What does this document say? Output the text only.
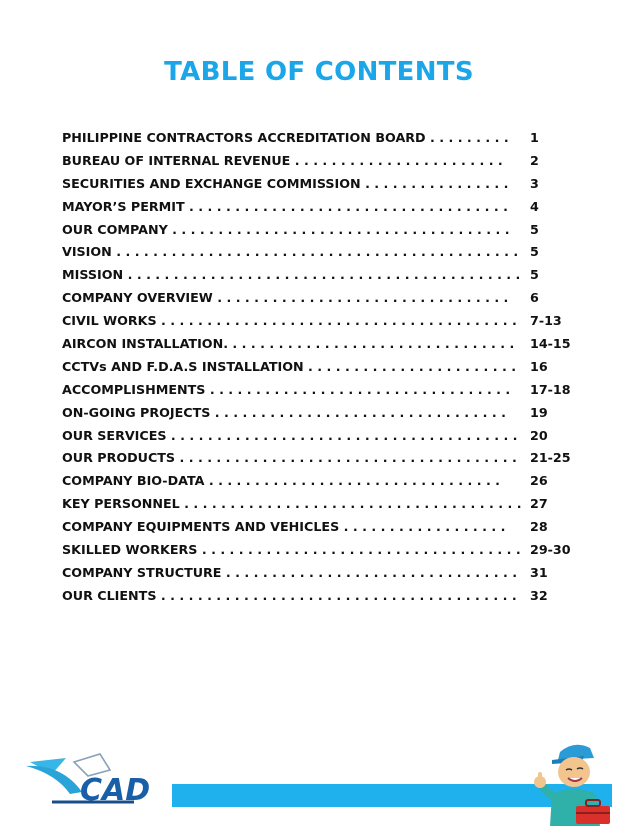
TABLE OF CONTENTS
PHILIPPINE CONTRACTORS ACCREDITATION BOARD . . . . . . . . . 1
BUREAU OF INTERNAL REVENUE . . . . . . . . . . . . . . . . . . . . . . . 2
SECURITIES AND EXCHANGE COMMISSION . . . . . . . . . . . . . . . . 3
MAYOR’S PERMIT . . . . . . . . . . . . . . . . . . . . . . . . . . . . . . . . . . . 4
OUR COMPANY . . . . . . . . . . . . . . . . . . . . . . . . . . . . . . . . . . . . . 5
VISION . . . . . . . . . . . . . . . . . . . . . . . . . . . . . . . . . . . . . . . . . . . . 5
MISSION . . . . . . . . . . . . . . . . . . . . . . . . . . . . . . . . . . . . . . . . . . . 5
COMPANY OVERVIEW . . . . . . . . . . . . . . . . . . . . . . . . . . . . . . . . 6
CIVIL WORKS . . . . . . . . . . . . . . . . . . . . . . . . . . . . . . . . . . . . . . . 7-13
AIRCON INSTALLATION. . . . . . . . . . . . . . . . . . . . . . . . . . . . . . . . 14-15
CCTVs AND F.D.A.S INSTALLATION . . . . . . . . . . . . . . . . . . . . . . . 16
ACCOMPLISHMENTS . . . . . . . . . . . . . . . . . . . . . . . . . . . . . . . . . 17-18
ON-GOING PROJECTS . . . . . . . . . . . . . . . . . . . . . . . . . . . . . . . . 19
OUR SERVICES . . . . . . . . . . . . . . . . . . . . . . . . . . . . . . . . . . . . . . 20
OUR PRODUCTS . . . . . . . . . . . . . . . . . . . . . . . . . . . . . . . . . . . . . 21-25
COMPANY BIO-DATA . . . . . . . . . . . . . . . . . . . . . . . . . . . . . . . . 26
KEY PERSONNEL . . . . . . . . . . . . . . . . . . . . . . . . . . . . . . . . . . . . . 27
COMPANY EQUIPMENTS AND VEHICLES . . . . . . . . . . . . . . . . . . 28
SKILLED WORKERS . . . . . . . . . . . . . . . . . . . . . . . . . . . . . . . . . . . 29-30
COMPANY STRUCTURE . . . . . . . . . . . . . . . . . . . . . . . . . . . . . . . . 31
OUR CLIENTS . . . . . . . . . . . . . . . . . . . . . . . . . . . . . . . . . . . . . . . 32
CAD
